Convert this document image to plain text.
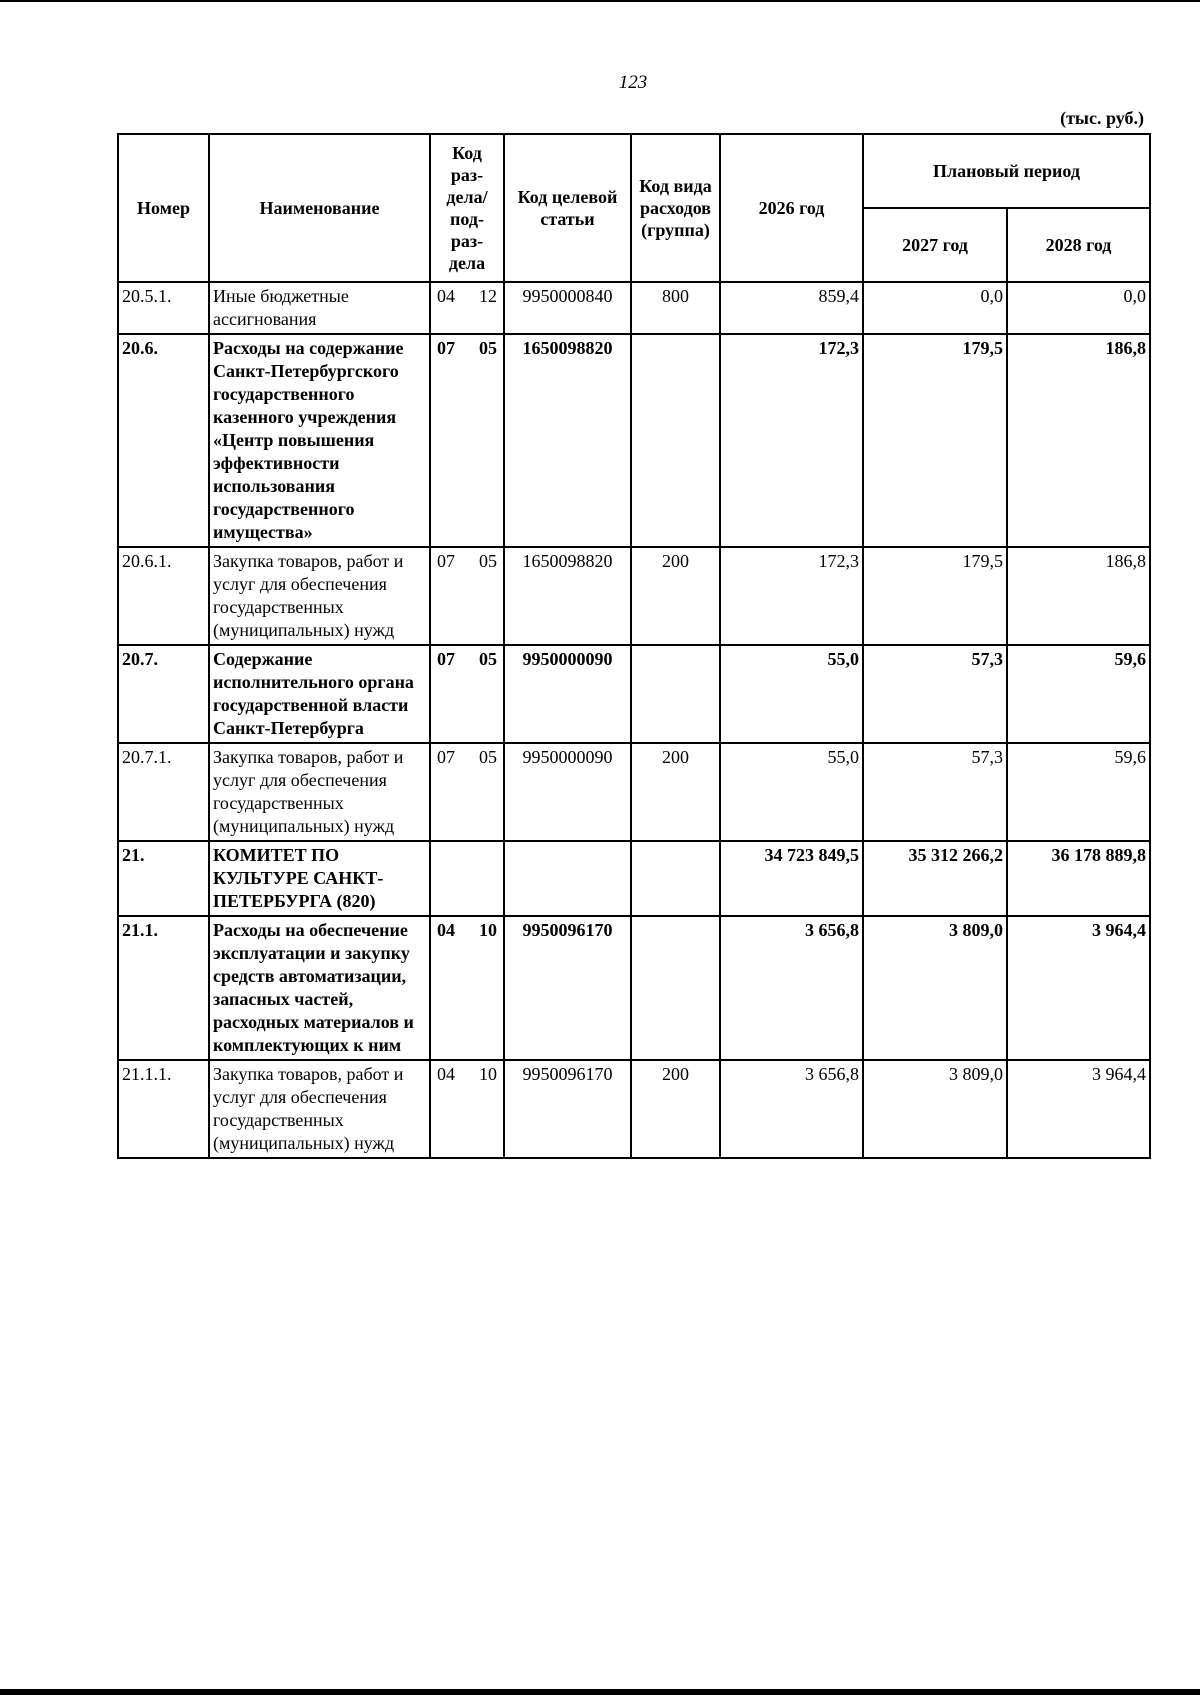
123
(тыс. руб.)
Номер	Наименование	Код раз-дела/ под-раз-дела	Код целевой статьи	Код вида расходов (группа)	2026 год	Плановый период	
						2027 год	2028 год
20.5.1.	Иные бюджетные ассигнования	04 12	9950000840	800	859,4	0,0	0,0
20.6.	Расходы на содержание Санкт-Петербургского государственного казенного учреждения «Центр повышения эффективности использования государственного имущества»	07 05	1650098820		172,3	179,5	186,8
20.6.1.	Закупка товаров, работ и услуг для обеспечения государственных (муниципальных) нужд	07 05	1650098820	200	172,3	179,5	186,8
20.7.	Содержание исполнительного органа государственной власти Санкт-Петербурга	07 05	9950000090		55,0	57,3	59,6
20.7.1.	Закупка товаров, работ и услуг для обеспечения государственных (муниципальных) нужд	07 05	9950000090	200	55,0	57,3	59,6
21.	КОМИТЕТ ПО КУЛЬТУРЕ САНКТ-ПЕТЕРБУРГА (820)				34 723 849,5	35 312 266,2	36 178 889,8
21.1.	Расходы на обеспечение эксплуатации и закупку средств автоматизации, запасных частей, расходных материалов и комплектующих к ним	04 10	9950096170		3 656,8	3 809,0	3 964,4
21.1.1.	Закупка товаров, работ и услуг для обеспечения государственных (муниципальных) нужд	04 10	9950096170	200	3 656,8	3 809,0	3 964,4
